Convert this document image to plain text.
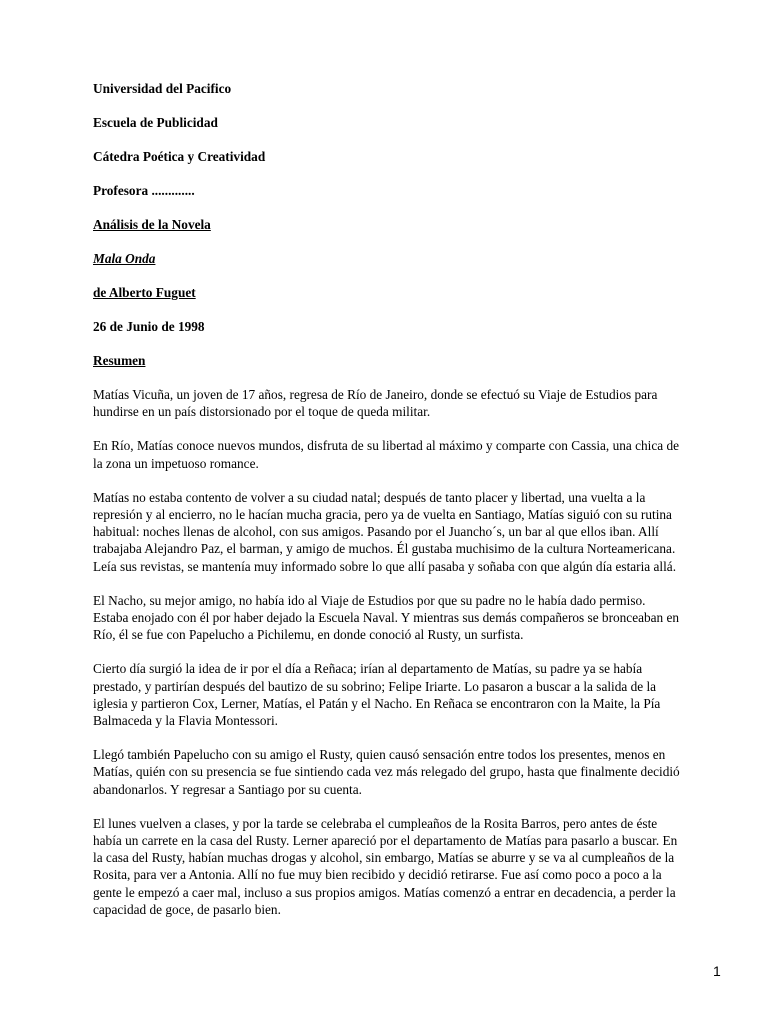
Universidad del Pacifico
Escuela de Publicidad
Cátedra Poética y Creatividad
Profesora .............
Análisis de la Novela
Mala Onda
de Alberto Fuguet
26 de Junio de 1998
Resumen

Matías Vicuña, un joven de 17 años, regresa de Río de Janeiro, donde se efectuó su Viaje de Estudios para
hundirse en un país distorsionado por el toque de queda militar.

En Río, Matías conoce nuevos mundos, disfruta de su libertad al máximo y comparte con Cassia, una chica de
la zona un impetuoso romance.

Matías no estaba contento de volver a su ciudad natal; después de tanto placer y libertad, una vuelta a la
represión y al encierro, no le hacían mucha gracia, pero ya de vuelta en Santiago, Matías siguió con su rutina
habitual: noches llenas de alcohol, con sus amigos. Pasando por el Juancho´s, un bar al que ellos iban. Allí
trabajaba Alejandro Paz, el barman, y amigo de muchos. Él gustaba muchisimo de la cultura Norteamericana.
Leía sus revistas, se mantenía muy informado sobre lo que allí pasaba y soñaba con que algún día estaria allá.

El Nacho, su mejor amigo, no había ido al Viaje de Estudios por que su padre no le había dado permiso.
Estaba enojado con él por haber dejado la Escuela Naval. Y mientras sus demás compañeros se bronceaban en
Río, él se fue con Papelucho a Pichilemu, en donde conoció al Rusty, un surfista.

Cierto día surgió la idea de ir por el día a Reñaca; irían al departamento de Matías, su padre ya se había
prestado, y partirían después del bautizo de su sobrino; Felipe Iriarte. Lo pasaron a buscar a la salida de la
iglesia y partieron Cox, Lerner, Matías, el Patán y el Nacho. En Reñaca se encontraron con la Maite, la Pía
Balmaceda y la Flavia Montessori.

Llegó también Papelucho con su amigo el Rusty, quien causó sensación entre todos los presentes, menos en
Matías, quién con su presencia se fue sintiendo cada vez más relegado del grupo, hasta que finalmente decidió
abandonarlos. Y regresar a Santiago por su cuenta.

El lunes vuelven a clases, y por la tarde se celebraba el cumpleaños de la Rosita Barros, pero antes de éste
había un carrete en la casa del Rusty. Lerner apareció por el departamento de Matías para pasarlo a buscar. En
la casa del Rusty, habían muchas drogas y alcohol, sin embargo, Matías se aburre y se va al cumpleaños de la
Rosita, para ver a Antonia. Allí no fue muy bien recibido y decidió retirarse. Fue así como poco a poco a la
gente le empezó a caer mal, incluso a sus propios amigos. Matías comenzó a entrar en decadencia, a perder la
capacidad de goce, de pasarlo bien.

1
